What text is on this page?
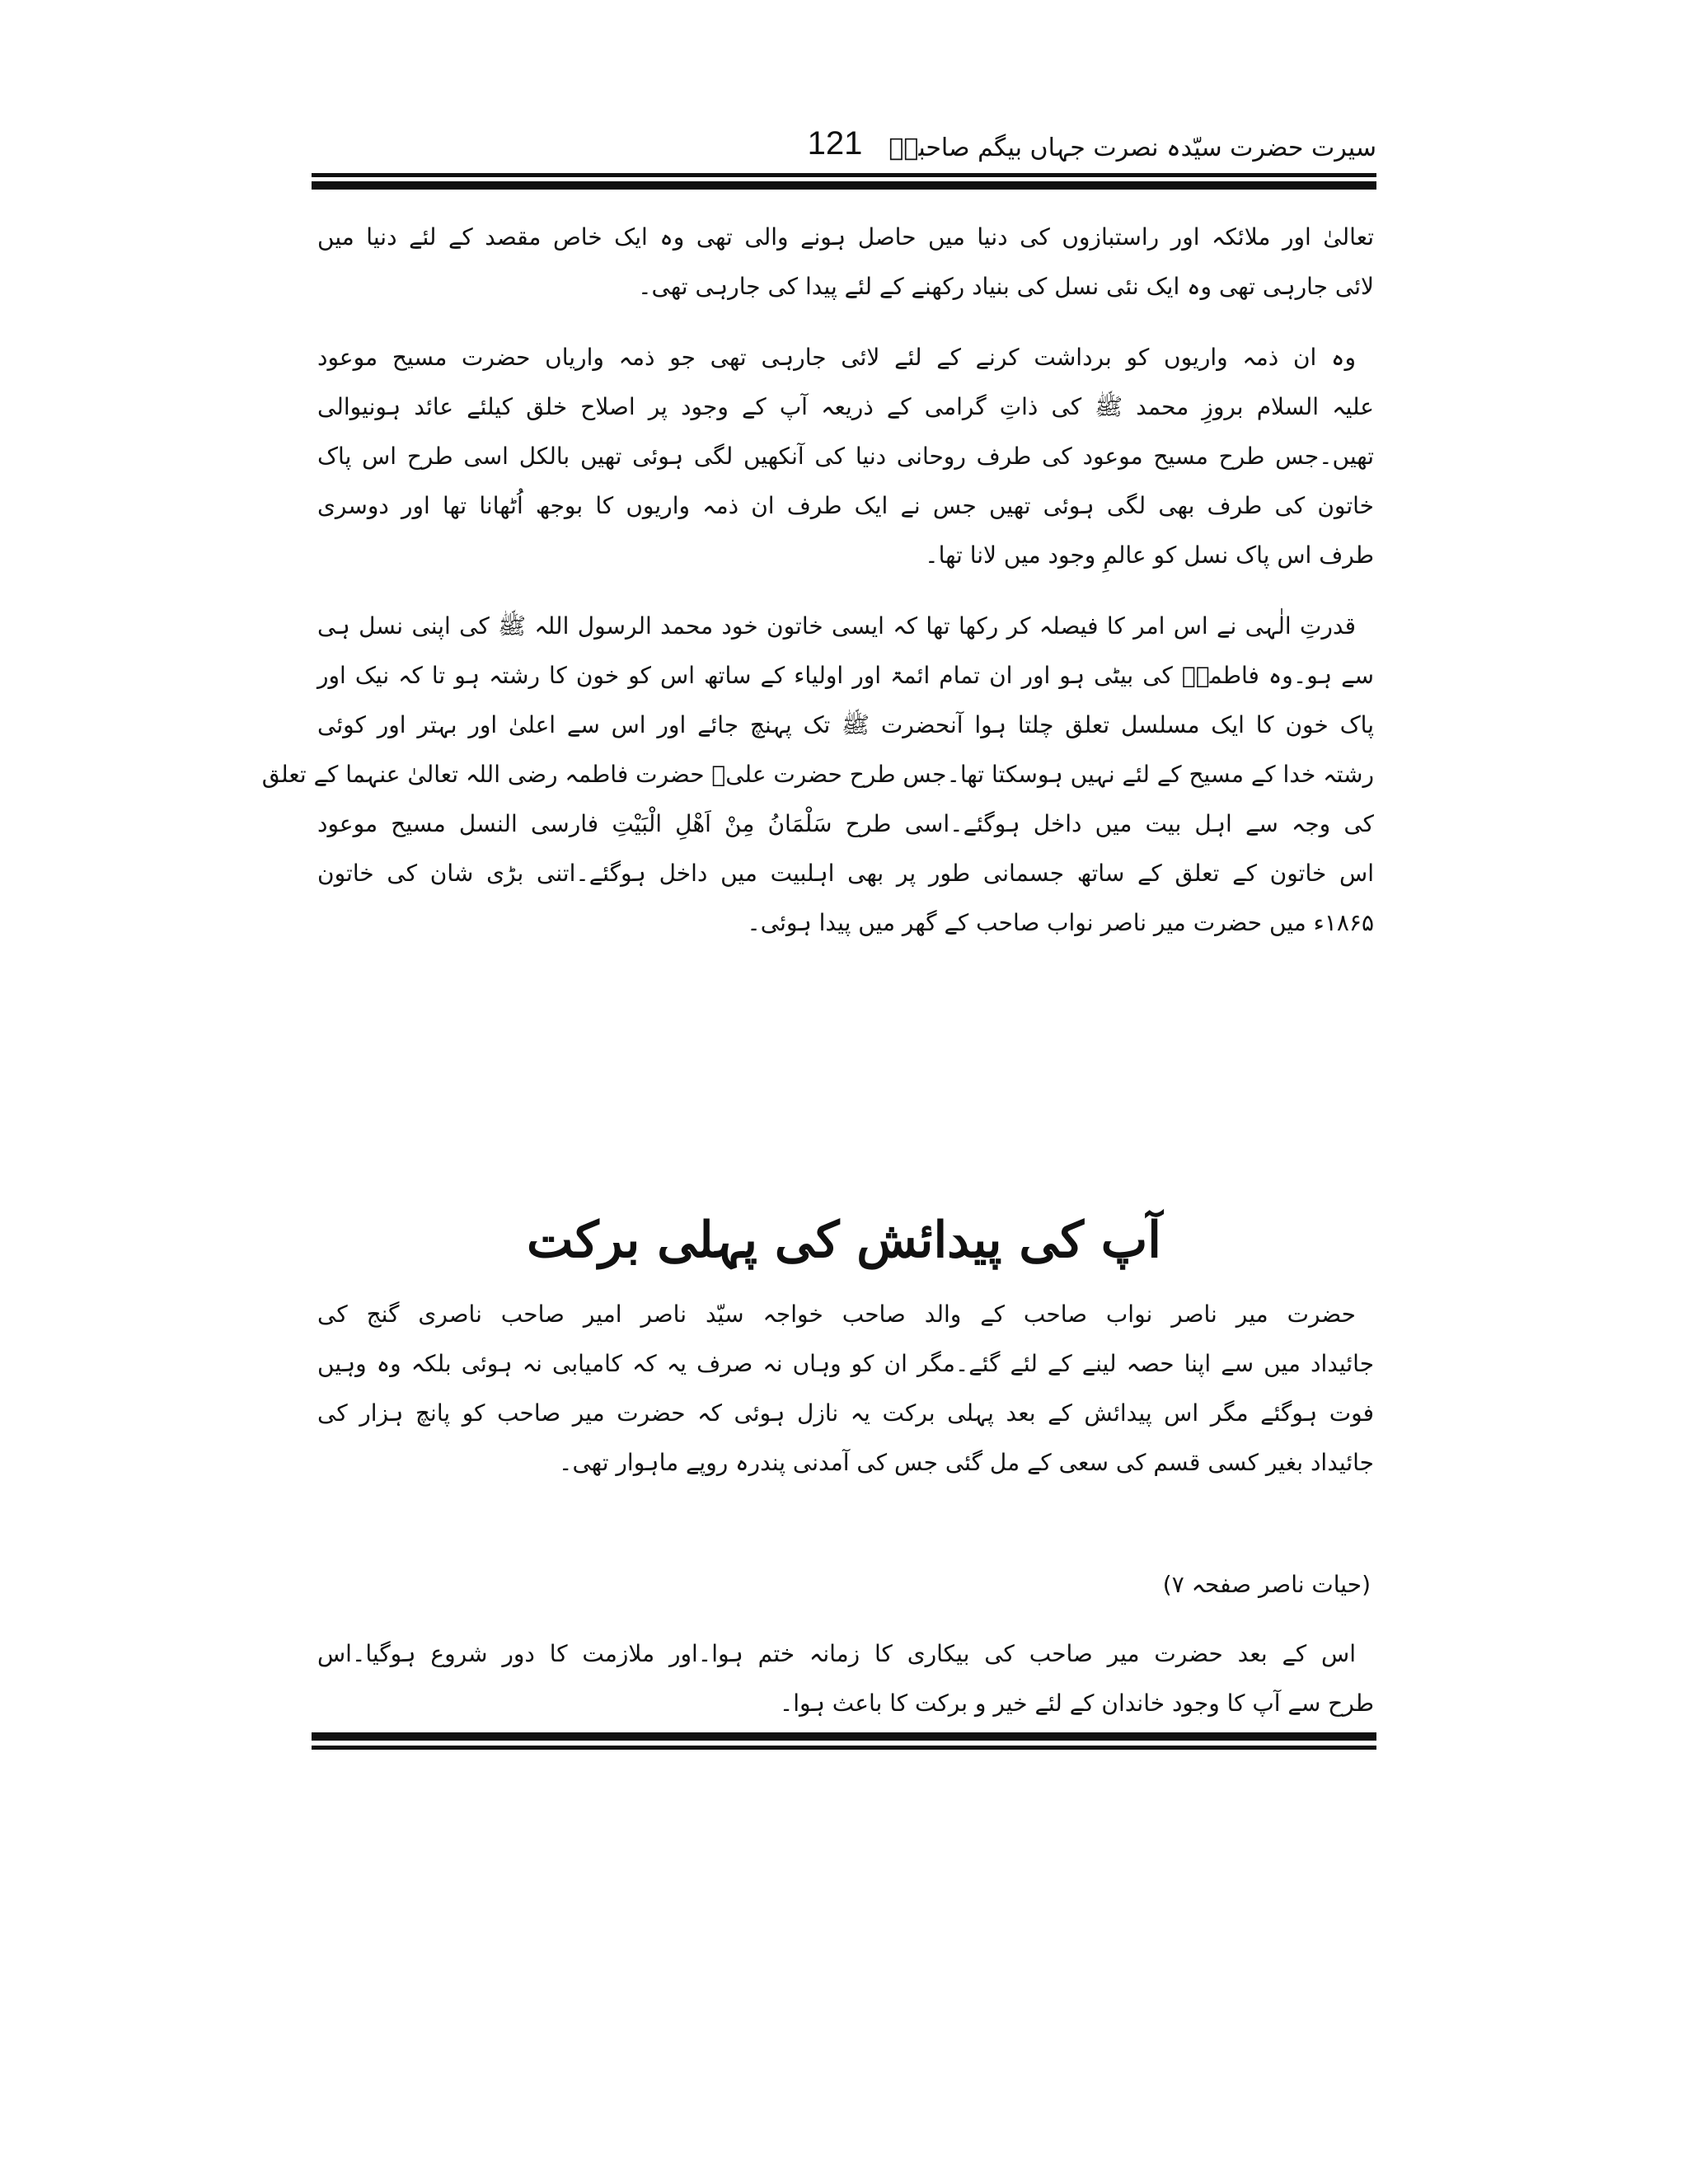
سیرت حضرت سیّدہ نصرت جہاں بیگم صاحبہؓ
121
تعالیٰ اور ملائکہ اور راستبازوں کی دنیا میں حاصل ہونے والی تھی وہ ایک خاص مقصد کے لئے دنیا میں
لائی جارہی تھی وہ ایک نئی نسل کی بنیاد رکھنے کے لئے پیدا کی جارہی تھی۔
وہ ان ذمہ واریوں کو برداشت کرنے کے لئے لائی جارہی تھی جو ذمہ واریاں حضرت مسیح موعود
علیہ السلام بروزِ محمد ﷺ کی ذاتِ گرامی کے ذریعہ آپ کے وجود پر اصلاح خلق کیلئے عائد ہونیوالی
تھیں۔جس طرح مسیح موعود کی طرف روحانی دنیا کی آنکھیں لگی ہوئی تھیں بالکل اسی طرح اس پاک
خاتون کی طرف بھی لگی ہوئی تھیں جس نے ایک طرف ان ذمہ واریوں کا بوجھ اُٹھانا تھا اور دوسری
طرف اس پاک نسل کو عالمِ وجود میں لانا تھا۔
قدرتِ الٰہی نے اس امر کا فیصلہ کر رکھا تھا کہ ایسی خاتون خود محمد الرسول اللہ ﷺ کی اپنی نسل ہی
سے ہو۔وہ فاطمہؓ کی بیٹی ہو اور ان تمام ائمۃ اور اولیاء کے ساتھ اس کو خون کا رشتہ ہو تا کہ نیک اور
پاک خون کا ایک مسلسل تعلق چلتا ہوا آنحضرت ﷺ تک پہنچ جائے اور اس سے اعلیٰ اور بہتر اور کوئی
رشتہ خدا کے مسیح کے لئے نہیں ہوسکتا تھا۔جس طرح حضرت علیؓ حضرت فاطمہ رضی اللہ تعالیٰ عنہما کے تعلق
کی وجہ سے اہل بیت میں داخل ہوگئے۔اسی طرح سَلْمَانُ مِنْ اَھْلِ الْبَیْتِ فارسی النسل مسیح موعود
اس خاتون کے تعلق کے ساتھ جسمانی طور پر بھی اہلبیت میں داخل ہوگئے۔اتنی بڑی شان کی خاتون
۱۸۶۵ء میں حضرت میر ناصر نواب صاحب کے گھر میں پیدا ہوئی۔
آپ کی پیدائش کی پہلی برکت
حضرت میر ناصر نواب صاحب کے والد صاحب خواجہ سیّد ناصر امیر صاحب ناصری گنج کی
جائیداد میں سے اپنا حصہ لینے کے لئے گئے۔مگر ان کو وہاں نہ صرف یہ کہ کامیابی نہ ہوئی بلکہ وہ وہیں
فوت ہوگئے مگر اس پیدائش کے بعد پہلی برکت یہ نازل ہوئی کہ حضرت میر صاحب کو پانچ ہزار کی
جائیداد بغیر کسی قسم کی سعی کے مل گئی جس کی آمدنی پندرہ روپے ماہوار تھی۔
(حیات ناصر صفحہ ۷)
اس کے بعد حضرت میر صاحب کی بیکاری کا زمانہ ختم ہوا۔اور ملازمت کا دور شروع ہوگیا۔اس
طرح سے آپ کا وجود خاندان کے لئے خیر و برکت کا باعث ہوا۔
